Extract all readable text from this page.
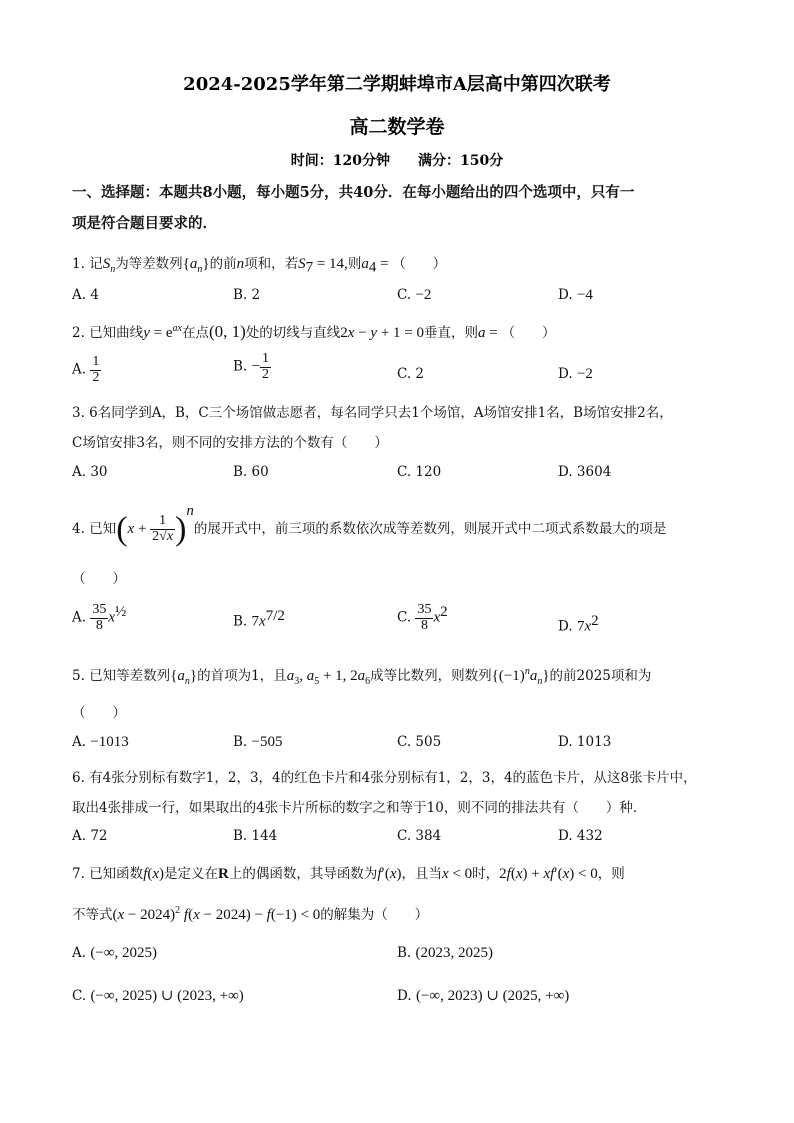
2024-2025学年第二学期蚌埠市A层高中第四次联考
高二数学卷
时间：120分钟　　满分：150分
一、选择题：本题共8小题，每小题5分，共40分．在每小题给出的四个选项中，只有一
项是符合题目要求的．
1. 记$S_n$为等差数列$\{a_n\}$的前n项和，若$S_7 = 14$,则$a_4$ = （　　）
A. 4	B. 2	C. −2	D. −4
2. 已知曲线$y = e^{ax}$在点(0, 1)处的切线与直线2x − y + 1 = 0垂直，则a = （　　）
A. $\frac{1}{2}$	B. − $\frac{1}{2}$	C. 2	D. −2
3. 6名同学到A，B，C三个场馆做志愿者，每名同学只去1个场馆，A场馆安排1名，B场馆安排2名，
C场馆安排3名，则不同的安排方法的个数有（　　）
A. 30	B. 60	C. 120	D. 3604
4. 已知$(x + \frac{1}{2√x} )^n$的展开式中，前三项的系数依次成等差数列，则展开式中二项式系数最大的项是
（　　）
A. $\frac{35}{8} x^{\frac{1}{2}}$
B. $7x^{7/2}$	C. $\frac{35}{8} x^2$
D. $7x^2$
5. 已知等差数列$\{a_n\}$的首项为1，且$a_3$, $a_5 + 1$, $2a_6$成等比数列，则数列$\{(-1)^na_n\}$的前2025项和为
（　　）
A. −1013	B. −505	C. 505	D. 1013
6. 有4张分别标有数字1，2，3，4的红色卡片和4张分别标有1，2，3，4的蓝色卡片，从这8张卡片中，
取出4张排成一行，如果取出的4张卡片所标的数字之和等于10，则不同的排法共有（　　）种．
A. 72	B. 144	C. 384	D. 432
7. 已知函数f(x)是定义在R上的偶函数，其导函数为f′(x)，且当x < 0时，2f(x) + xf′(x) < 0，则
不等式$(x - 2024)^2$ f(x − 2024) − f(−1) < 0的解集为（　　）
A. (−∞, 2025)	B. (2023, 2025)
C. (−∞, 2025) ∪ (2023, +∞)	D. (−∞, 2023) ∪ (2025, +∞)
